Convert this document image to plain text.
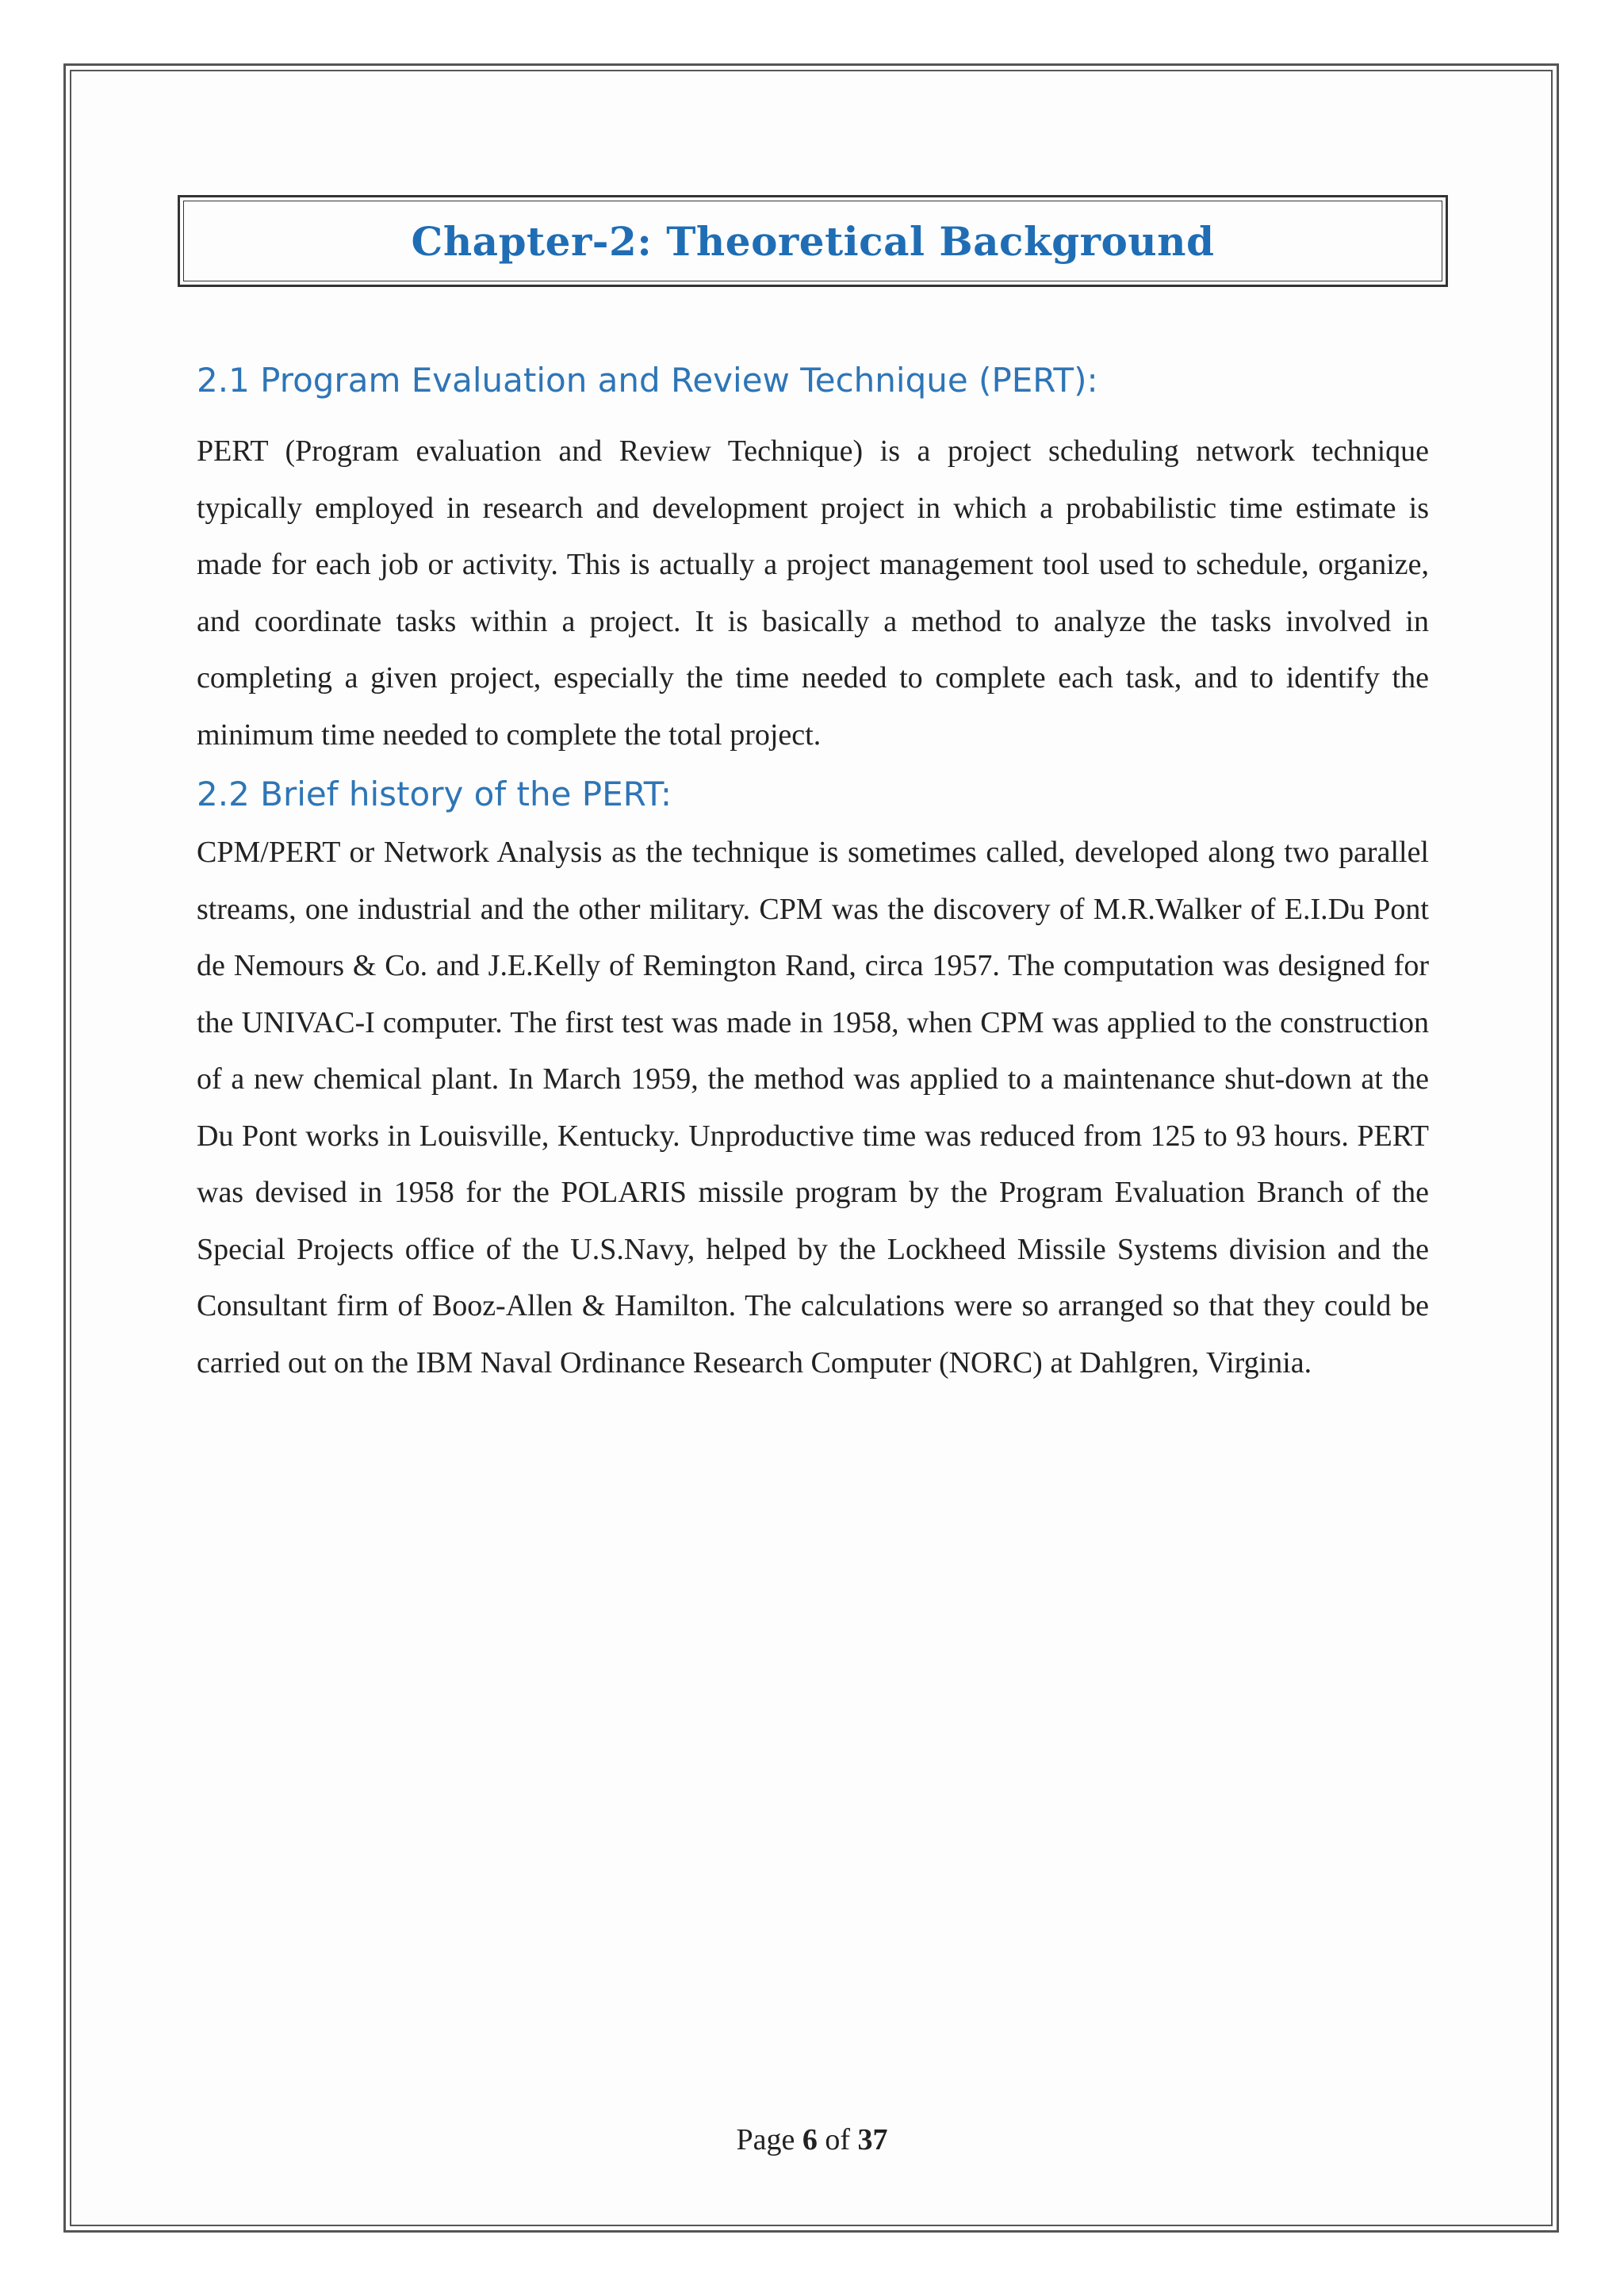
Chapter-2: Theoretical Background
2.1 Program Evaluation and Review Technique (PERT):

PERT (Program evaluation and Review Technique) is a project scheduling network technique typically employed in research and development project in which a probabilistic time estimate is made for each job or activity. This is actually a project management tool used to schedule, organize, and coordinate tasks within a project. It is basically a method to analyze the tasks involved in completing a given project, especially the time needed to complete each task, and to identify the minimum time needed to complete the total project.

2.2 Brief history of the PERT:

CPM/PERT or Network Analysis as the technique is sometimes called, developed along two parallel streams, one industrial and the other military. CPM was the discovery of M.R.Walker of E.I.Du Pont de Nemours & Co. and J.E.Kelly of Remington Rand, circa 1957. The computation was designed for the UNIVAC-I computer. The first test was made in 1958, when CPM was applied to the construction of a new chemical plant. In March 1959, the method was applied to a maintenance shut-down at the Du Pont works in Louisville, Kentucky. Unproductive time was reduced from 125 to 93 hours. PERT was devised in 1958 for the POLARIS missile program by the Program Evaluation Branch of the Special Projects office of the U.S.Navy, helped by the Lockheed Missile Systems division and the Consultant firm of Booz-Allen & Hamilton. The calculations were so arranged so that they could be carried out on the IBM Naval Ordinance Research Computer (NORC) at Dahlgren, Virginia.

Page 6 of 37
